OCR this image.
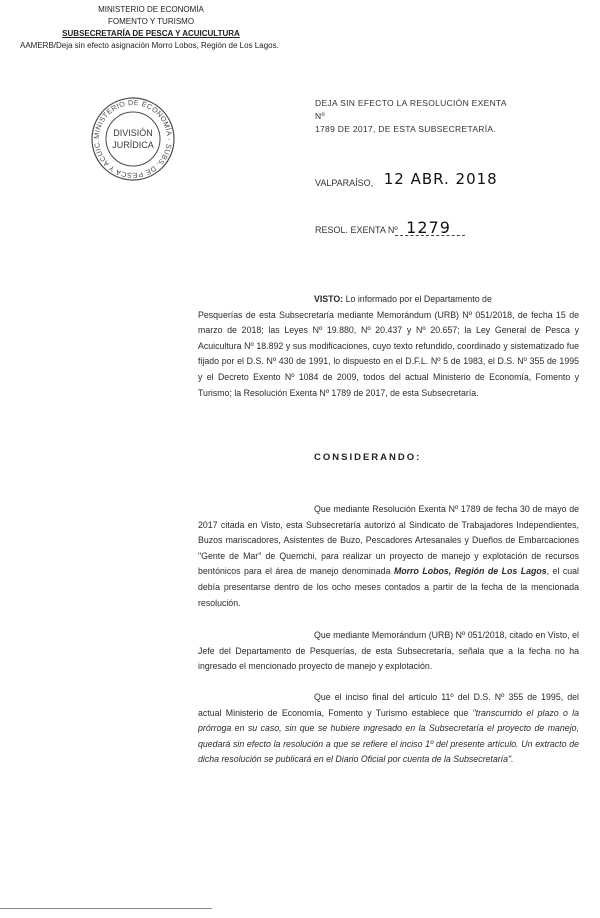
MINISTERIO DE ECONOMÍA
FOMENTO Y TURISMO
SUBSECRETARÍA DE PESCA Y ACUICULTURA
AAMERB/Deja sin efecto asignación Morro Lobos, Región de Los Lagos.
MINISTERIO DE ECONOMÍA · SUBS. DE PESCA Y ACUIC.
DIVISIÓN
JURÍDICA
DEJA SIN EFECTO LA RESOLUCIÓN EXENTA Nº
1789 DE 2017, DE ESTA SUBSECRETARÍA.
VALPARAÍSO, 12 ABR. 2018
RESOL. EXENTA Nº 1279
VISTO: Lo informado por el Departamento de
Pesquerías de esta Subsecretaría mediante Memorándum (URB) Nº 051/2018, de fecha 15 de marzo de 2018; las Leyes Nº 19.880, Nº 20.437 y Nº 20.657; la Ley General de Pesca y Acuicultura Nº 18.892 y sus modificaciones, cuyo texto refundido, coordinado y sistematizado fue fijado por el D.S. Nº 430 de 1991, lo dispuesto en el D.F.L. Nº 5 de 1983, el D.S. Nº 355 de 1995 y el Decreto Exento Nº 1084 de 2009, todos del actual Ministerio de Economía, Fomento y Turismo; la Resolución Exenta Nº 1789 de 2017, de esta Subsecretaría.
CONSIDERANDO:
Que mediante Resolución Exenta Nº 1789 de fecha 30 de mayo de 2017 citada en Visto, esta Subsecretaría autorizó al Sindicato de Trabajadores Independientes, Buzos mariscadores, Asistentes de Buzo, Pescadores Artesanales y Dueños de Embarcaciones "Gente de Mar" de Quemchi, para realizar un proyecto de manejo y explotación de recursos bentónicos para el área de manejo denominada Morro Lobos, Región de Los Lagos, el cual debía presentarse dentro de los ocho meses contados a partir de la fecha de la mencionada resolución.
Que mediante Memorándum (URB) Nº 051/2018, citado en Visto, el Jefe del Departamento de Pesquerías, de esta Subsecretaría, señala que a la fecha no ha ingresado el mencionado proyecto de manejo y explotación.
Que el inciso final del artículo 11º del D.S. Nº 355 de 1995, del actual Ministerio de Economía, Fomento y Turismo establece que "transcurrido el plazo o la prórroga en su caso, sin que se hubiere ingresado en la Subsecretaría el proyecto de manejo, quedará sin efecto la resolución a que se refiere el inciso 1º del presente artículo. Un extracto de dicha resolución se publicará en el Diario Oficial por cuenta de la Subsecretaría".
